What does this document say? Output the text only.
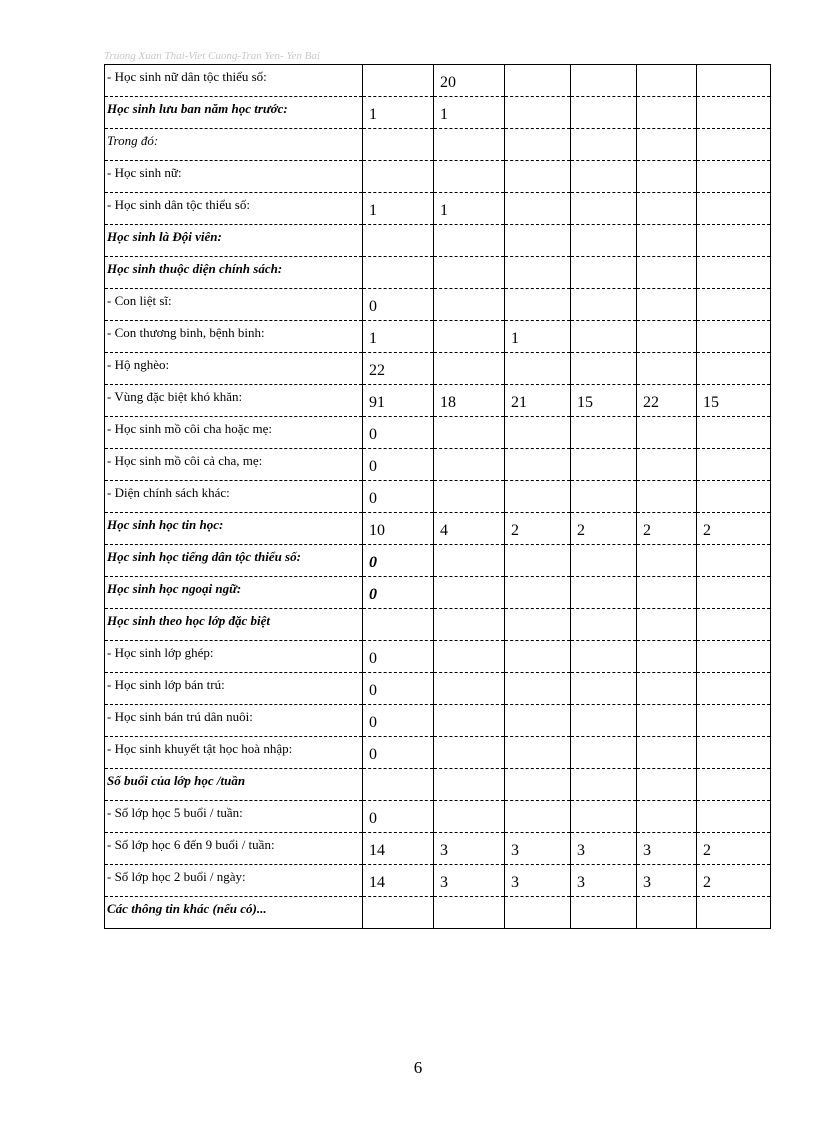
Truong Xuan Thai-Viet Cuong-Tran Yen- Yen Bai
- Học sinh nữ dân tộc thiểu số:		20				
Học sinh lưu ban năm học trước:	1	1				
Trong đó:						
- Học sinh nữ:						
- Học sinh dân tộc thiểu số:	1	1				
Học sinh là Đội viên:						
Học sinh thuộc diện chính sách:						
- Con liệt sĩ:	0					
- Con thương binh, bệnh binh:	1		1			
- Hộ nghèo:	22					
- Vùng đặc biệt khó khăn:	91	18	21	15	22	15
- Học sinh mồ côi cha hoặc mẹ:	0					
- Học sinh mồ côi cả cha, mẹ:	0					
- Diện chính sách khác:	0					
Học sinh học tin học:	10	4	2	2	2	2
Học sinh học tiếng dân tộc thiểu số:	0					
Học sinh học ngoại ngữ:	0					
Học sinh theo học lớp đặc biệt						
- Học sinh lớp ghép:	0					
- Học sinh lớp bán trú:	0					
- Học sinh bán trú dân nuôi:	0					
- Học sinh khuyết tật học hoà nhập:	0					
Số buổi của lớp học /tuần						
- Số lớp học 5 buổi / tuần:	0					
- Số lớp học 6 đến 9 buổi / tuần:	14	3	3	3	3	2
- Số lớp học 2 buổi / ngày:	14	3	3	3	3	2
Các thông tin khác (nếu có)...						
6
